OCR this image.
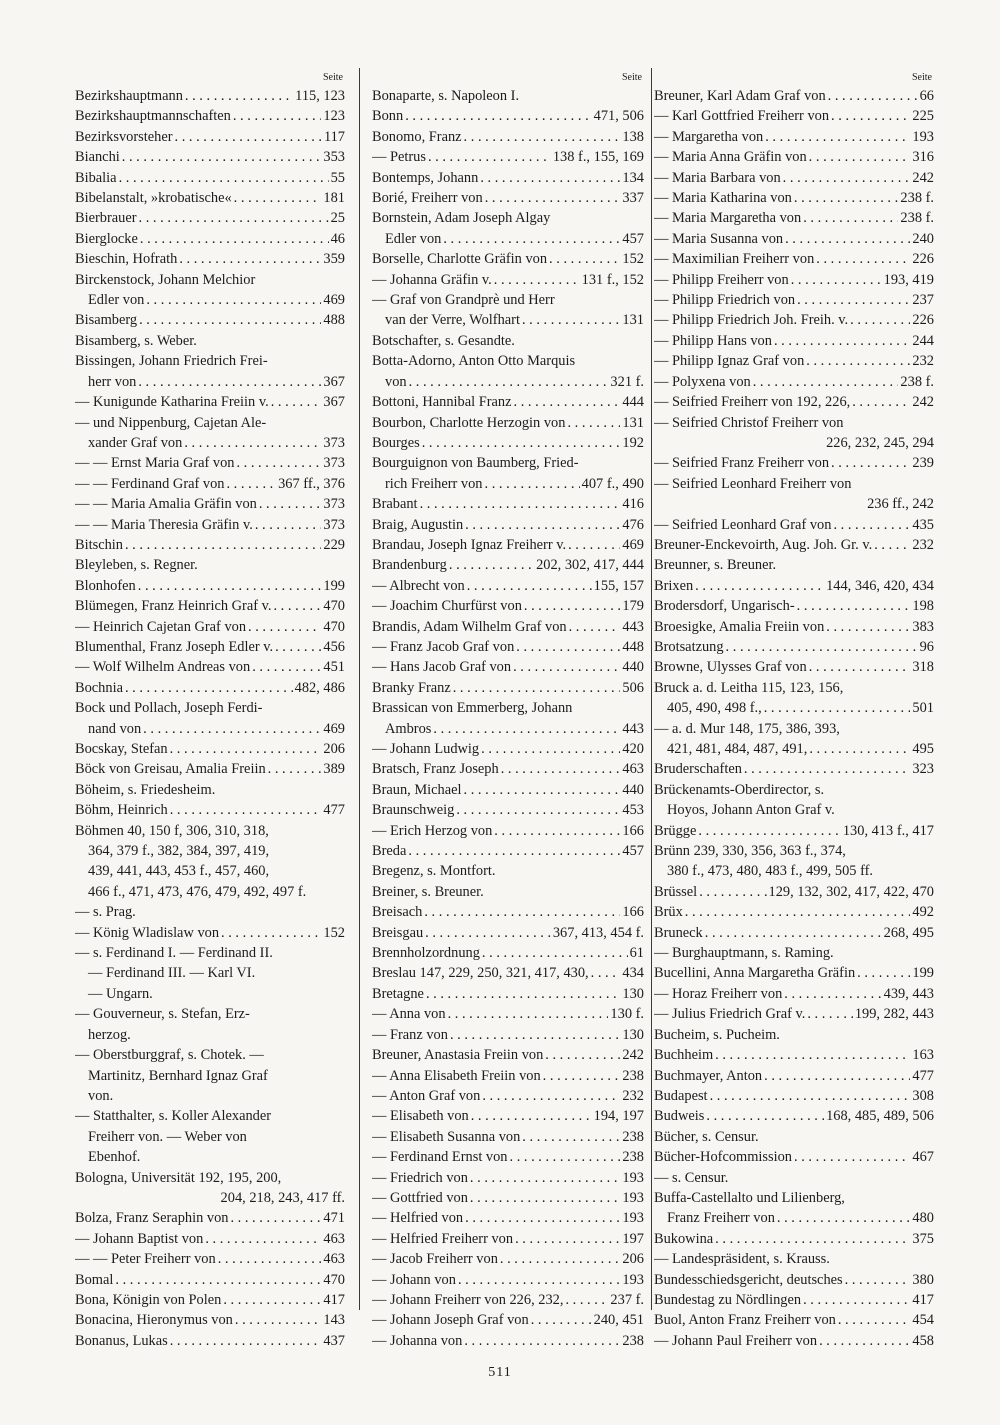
Seite
Bezirkshauptmann . . .	115, 123
Bezirkshauptmannschaften . . .	123
Bezirksvorsteher . . .	117
Bianchi . . .	353
Bibalia . . .	55
Bibelanstalt, »krobatische« . . .	181
Bierbrauer . . .	25
Bierglocke . . .	46
Bieschin, Hofrath . . .	359
Birckenstock, Johann Melchior
Edler von . . .	469
Bisamberg . . .	488
Bisamberg, s. Weber.
Bissingen, Johann Friedrich Frei-
herr von . . .	367
— Kunigunde Katharina Freiin v. . . .	367
— und Nippenburg, Cajetan Ale-
xander Graf von . . .	373
— — Ernst Maria Graf von . . .	373
— — Ferdinand Graf von . . .	367 ff., 376
— — Maria Amalia Gräfin von . . .	373
— — Maria Theresia Gräfin v. . . .	373
Bitschin . . .	229
Bleyleben, s. Regner.
Blonhofen . . .	199
Blümegen, Franz Heinrich Graf v. . . .	470
— Heinrich Cajetan Graf von . . .	470
Blumenthal, Franz Joseph Edler v. . . .	456
— Wolf Wilhelm Andreas von . . .	451
Bochnia . . .	482, 486
Bock und Pollach, Joseph Ferdi-
nand von . . .	469
Bocskay, Stefan . . .	206
Böck von Greisau, Amalia Freiin . . .	389
Böheim, s. Friedesheim.
Böhm, Heinrich . . .	477
Böhmen 40, 150 f, 306, 310, 318,
364, 379 f., 382, 384, 397, 419,
439, 441, 443, 453 f., 457, 460,
466 f., 471, 473, 476, 479, 492, 497 f.
— s. Prag.
— König Wladislaw von . . .	152
— s. Ferdinand I. — Ferdinand II.
— Ferdinand III. — Karl VI.
— Ungarn.
— Gouverneur, s. Stefan, Erz-
herzog.
— Oberstburggraf, s. Chotek. —
Martinitz, Bernhard Ignaz Graf
von.
— Statthalter, s. Koller Alexander
Freiherr von. — Weber von
Ebenhof.
Bologna, Universität 192, 195, 200,
204, 218, 243, 417 ff.
Bolza, Franz Seraphin von . . .	471
— Johann Baptist von . . .	463
— — Peter Freiherr von . . .	463
Bomal . . .	470
Bona, Königin von Polen . . .	417
Bonacina, Hieronymus von . . .	143
Bonanus, Lukas . . .	437
Seite
Bonaparte, s. Napoleon I.
Bonn . . .	471, 506
Bonomo, Franz . . .	138
— Petrus . . .	138 f., 155, 169
Bontemps, Johann . . .	134
Borié, Freiherr von . . .	337
Bornstein, Adam Joseph Algay
Edler von . . .	457
Borselle, Charlotte Gräfin von . . .	152
— Johanna Gräfin v. . . .	131 f., 152
— Graf von Grandprè und Herr
van der Verre, Wolfhart . . .	131
Botschafter, s. Gesandte.
Botta-Adorno, Anton Otto Marquis
von . . .	321 f.
Bottoni, Hannibal Franz . . .	444
Bourbon, Charlotte Herzogin von . . .	131
Bourges . . .	192
Bourguignon von Baumberg, Fried-
rich Freiherr von . . .	407 f., 490
Brabant . . .	416
Braig, Augustin . . .	476
Brandau, Joseph Ignaz Freiherr v. . . .	469
Brandenburg . . .	202, 302, 417, 444
— Albrecht von . . .	155, 157
— Joachim Churfürst von . . .	179
Brandis, Adam Wilhelm Graf von . . .	443
— Franz Jacob Graf von . . .	448
— Hans Jacob Graf von . . .	440
Branky Franz . . .	506
Brassican von Emmerberg, Johann
Ambros . . .	443
— Johann Ludwig . . .	420
Bratsch, Franz Joseph . . .	463
Braun, Michael . . .	440
Braunschweig . . .	453
— Erich Herzog von . . .	166
Breda . . .	457
Bregenz, s. Montfort.
Breiner, s. Breuner.
Breisach . . .	166
Breisgau . . .	367, 413, 454 f.
Brennholzordnung . . .	61
Breslau 147, 229, 250, 321, 417, 430, . . . 434
Bretagne . . .	130
— Anna von . . .	130 f.
— Franz von . . .	130
Breuner, Anastasia Freiin von . . .	242
— Anna Elisabeth Freiin von . . .	238
— Anton Graf von . . .	232
— Elisabeth von . . .	194, 197
— Elisabeth Susanna von . . .	238
— Ferdinand Ernst von . . .	238
— Friedrich von . . .	193
— Gottfried von . . .	193
— Helfried von . . .	193
— Helfried Freiherr von . . .	197
— Jacob Freiherr von . . .	206
— Johann von . . .	193
— Johann Freiherr von 226, 232, . . .	237 f.
— Johann Joseph Graf von . . .	240, 451
— Johanna von . . .	238
Seite
Breuner, Karl Adam Graf von . . .	66
— Karl Gottfried Freiherr von . . .	225
— Margaretha von . . .	193
— Maria Anna Gräfin von . . .	316
— Maria Barbara von . . .	242
— Maria Katharina von . . .	238 f.
— Maria Margaretha von . . .	238 f.
— Maria Susanna von . . .	240
— Maximilian Freiherr von . . .	226
— Philipp Freiherr von . . .	193, 419
— Philipp Friedrich von . . .	237
— Philipp Friedrich Joh. Freih. v. . . .	226
— Philipp Hans von . . .	244
— Philipp Ignaz Graf von . . .	232
— Polyxena von . . .	238 f.
— Seifried Freiherr von 192, 226, . . .	242
— Seifried Christof Freiherr von
226, 232, 245, 294
— Seifried Franz Freiherr von . . .	239
— Seifried Leonhard Freiherr von
236 ff., 242
— Seifried Leonhard Graf von . . .	435
Breuner-Enckevoirth, Aug. Joh. Gr. v. . . .	232
Breunner, s. Breuner.
Brixen . . .	144, 346, 420, 434
Brodersdorf, Ungarisch- . . .	198
Broesigke, Amalia Freiin von . . .	383
Brotsatzung . . .	96
Browne, Ulysses Graf von . . .	318
Bruck a. d. Leitha 115, 123, 156,
405, 490, 498 f., . . .	501
— a. d. Mur 148, 175, 386, 393,
421, 481, 484, 487, 491, . . .	495
Bruderschaften . . .	323
Brückenamts-Oberdirector, s.
Hoyos, Johann Anton Graf v.
Brügge . . .	130, 413 f., 417
Brünn 239, 330, 356, 363 f., 374,
380 f., 473, 480, 483 f., 499, 505 ff.
Brüssel . . .	129, 132, 302, 417, 422, 470
Brüx . . .	492
Bruneck . . .	268, 495
— Burghauptmann, s. Raming.
Bucellini, Anna Margaretha Gräfin . . .	199
— Horaz Freiherr von . . .	439, 443
— Julius Friedrich Graf v. . . .	199, 282, 443
Bucheim, s. Pucheim.
Buchheim . . .	163
Buchmayer, Anton . . .	477
Budapest . . .	308
Budweis . . .	168, 485, 489, 506
Bücher, s. Censur.
Bücher-Hofcommission . . .	467
— s. Censur.
Buffa-Castellalto und Lilienberg,
Franz Freiherr von . . .	480
Bukowina . . .	375
— Landespräsident, s. Krauss.
Bundesschiedsgericht, deutsches . . .	380
Bundestag zu Nördlingen . . .	417
Buol, Anton Franz Freiherr von . . .	454
— Johann Paul Freiherr von . . .	458
511
